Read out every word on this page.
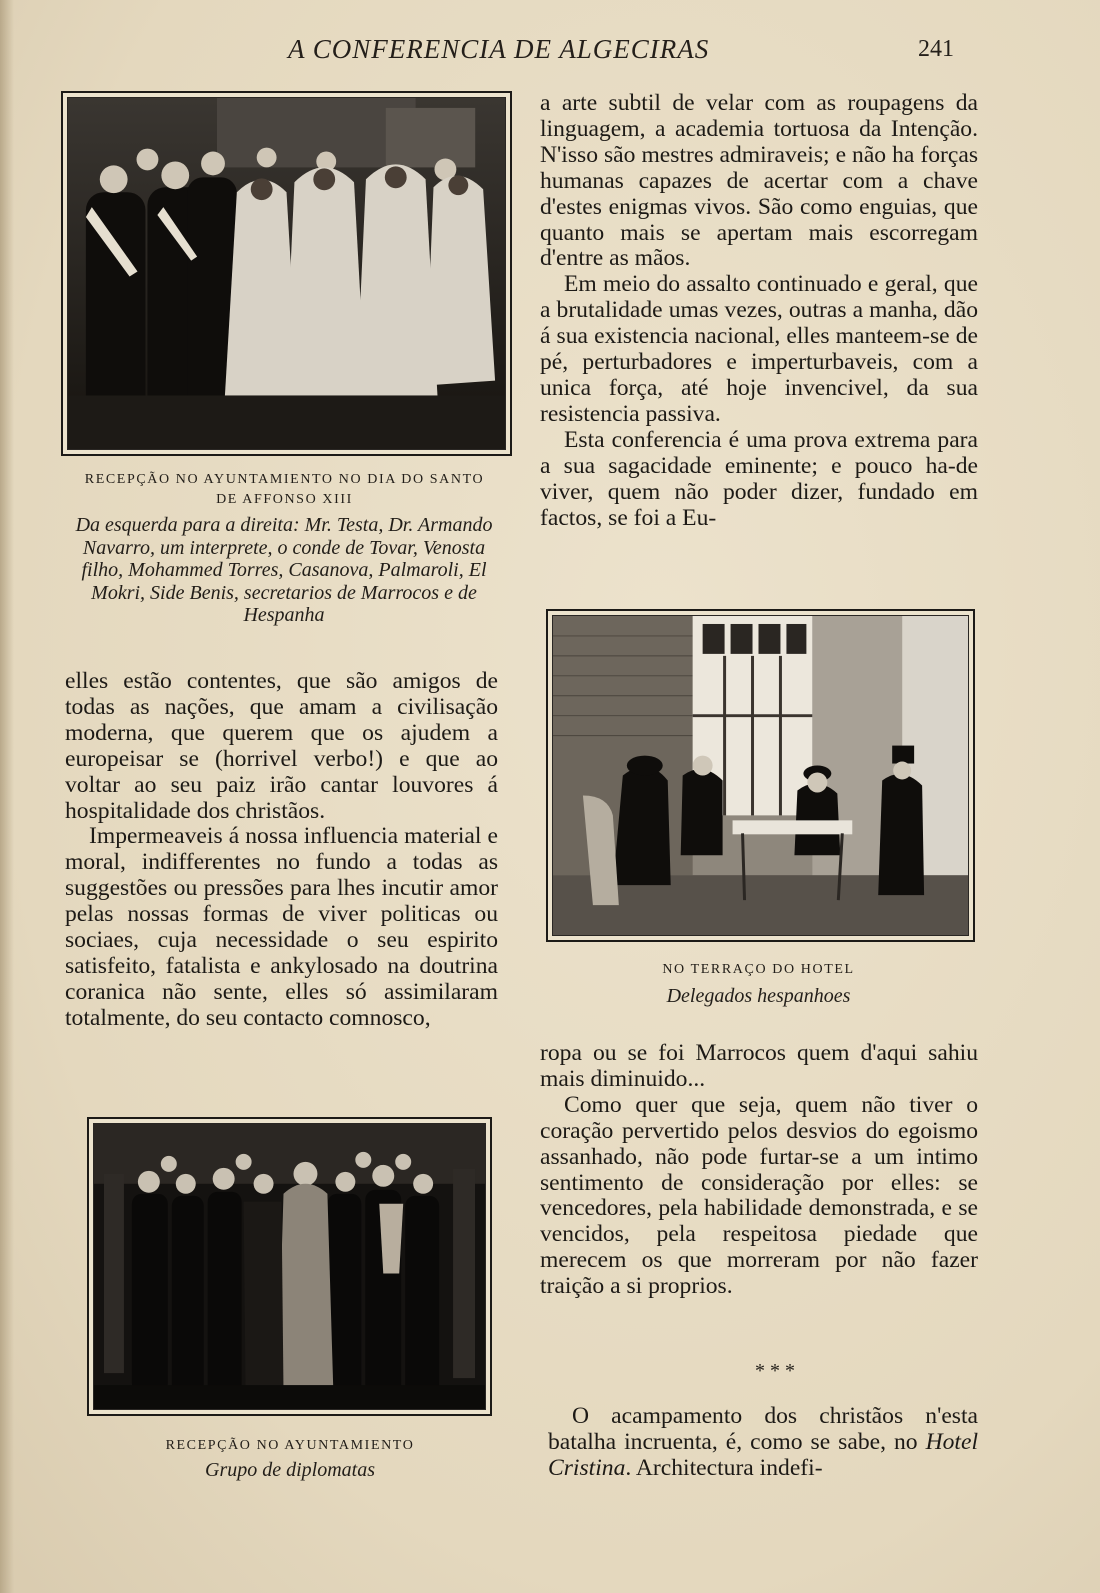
A CONFERENCIA DE ALGECIRAS	241
RECEPÇÃO NO AYUNTAMIENTO NO DIA DO SANTO DE AFFONSO XIII
Da esquerda para a direita: Mr. Testa, Dr. Armando Navarro, um interprete, o conde de Tovar, Venosta filho, Mohammed Torres, Casanova, Palmaroli, El Mokri, Side Benis, secretarios de Marrocos e de Hespanha

elles estão contentes, que são amigos de todas as nações, que amam a civilisação moderna, que querem que os ajudem a europeisar se (horrivel verbo!) e que ao voltar ao seu paiz irão cantar louvores á hospitalidade dos christãos.

Impermeaveis á nossa influencia material e moral, indifferentes no fundo a todas as suggestões ou pressões para lhes incutir amor pelas nossas formas de viver politicas ou sociaes, cuja necessidade o seu espirito satisfeito, fatalista e ankylosado na doutrina coranica não sente, elles só assimilaram totalmente, do seu contacto comnosco,

RECEPÇÃO NO AYUNTAMIENTO
Grupo de diplomatas

a arte subtil de velar com as roupagens da linguagem, a academia tortuosa da Intenção. N'isso são mestres admiraveis; e não ha forças humanas capazes de acertar com a chave d'estes enigmas vivos. São como enguias, que quanto mais se apertam mais escorregam d'entre as mãos.

Em meio do assalto continuado e geral, que a brutalidade umas vezes, outras a manha, dão á sua existencia nacional, elles manteem-se de pé, perturbadores e imperturbaveis, com a unica força, até hoje invencivel, da sua resistencia passiva.

Esta conferencia é uma prova extrema para a sua sagacidade eminente; e pouco ha-de viver, quem não poder dizer, fundado em factos, se foi a Eu-

NO TERRAÇO DO HOTEL
Delegados hespanhoes

ropa ou se foi Marrocos quem d'aqui sahiu mais diminuido...

Como quer que seja, quem não tiver o coração pervertido pelos desvios do egoismo assanhado, não pode furtar-se a um intimo sentimento de consideração por elles: se vencedores, pela habilidade demonstrada, e se vencidos, pela respeitosa piedade que merecem os que morreram por não fazer traição a si proprios.

* * *

O acampamento dos christãos n'esta batalha incruenta, é, como se sabe, no Hotel Cristina. Architectura indefi-
